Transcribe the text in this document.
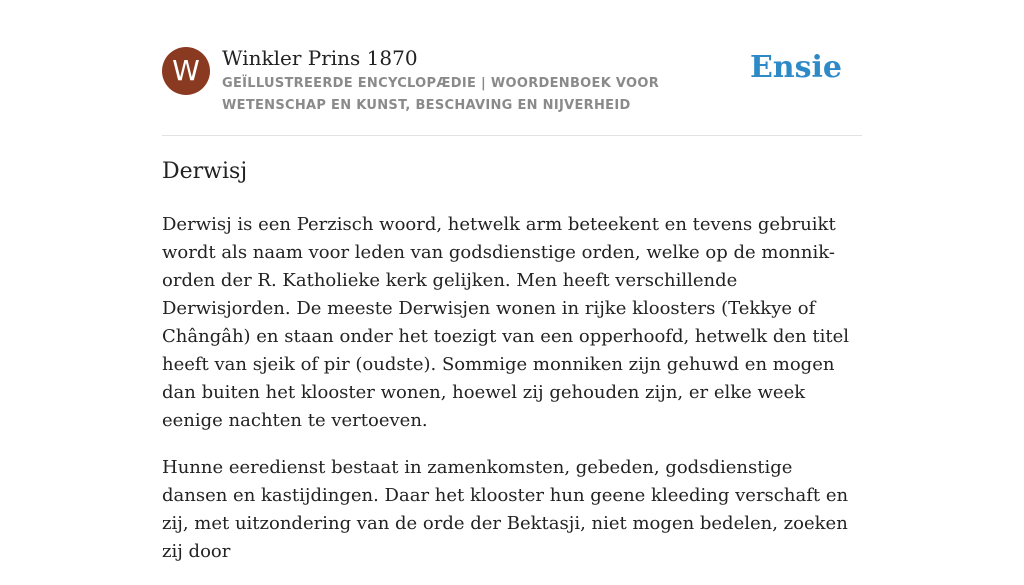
W	Winkler Prins 1870
GEÏLLUSTREERDE ENCYCLOPÆDIE | WOORDENBOEK VOOR WETENSCHAP EN KUNST, BESCHAVING EN NIJVERHEID
Ensie
Derwisj

Derwisj is een Perzisch woord, hetwelk arm beteekent en tevens gebruikt wordt als naam voor leden van godsdienstige orden, welke op de monnik-orden der R. Katholieke kerk gelijken. Men heeft verschillende Derwisjorden. De meeste Derwisjen wonen in rijke kloosters (Tekkye of Chângâh) en staan onder het toezigt van een opperhoofd, hetwelk den titel heeft van sjeik of pir (oudste). Sommige monniken zijn gehuwd en mogen dan buiten het klooster wonen, hoewel zij gehouden zijn, er elke week eenige nachten te vertoeven.

Hunne eeredienst bestaat in zamenkomsten, gebeden, godsdienstige dansen en kastijdingen. Daar het klooster hun geene kleeding verschaft en zij, met uitzondering van de orde der Bektasji, niet mogen bedelen, zoeken zij door
